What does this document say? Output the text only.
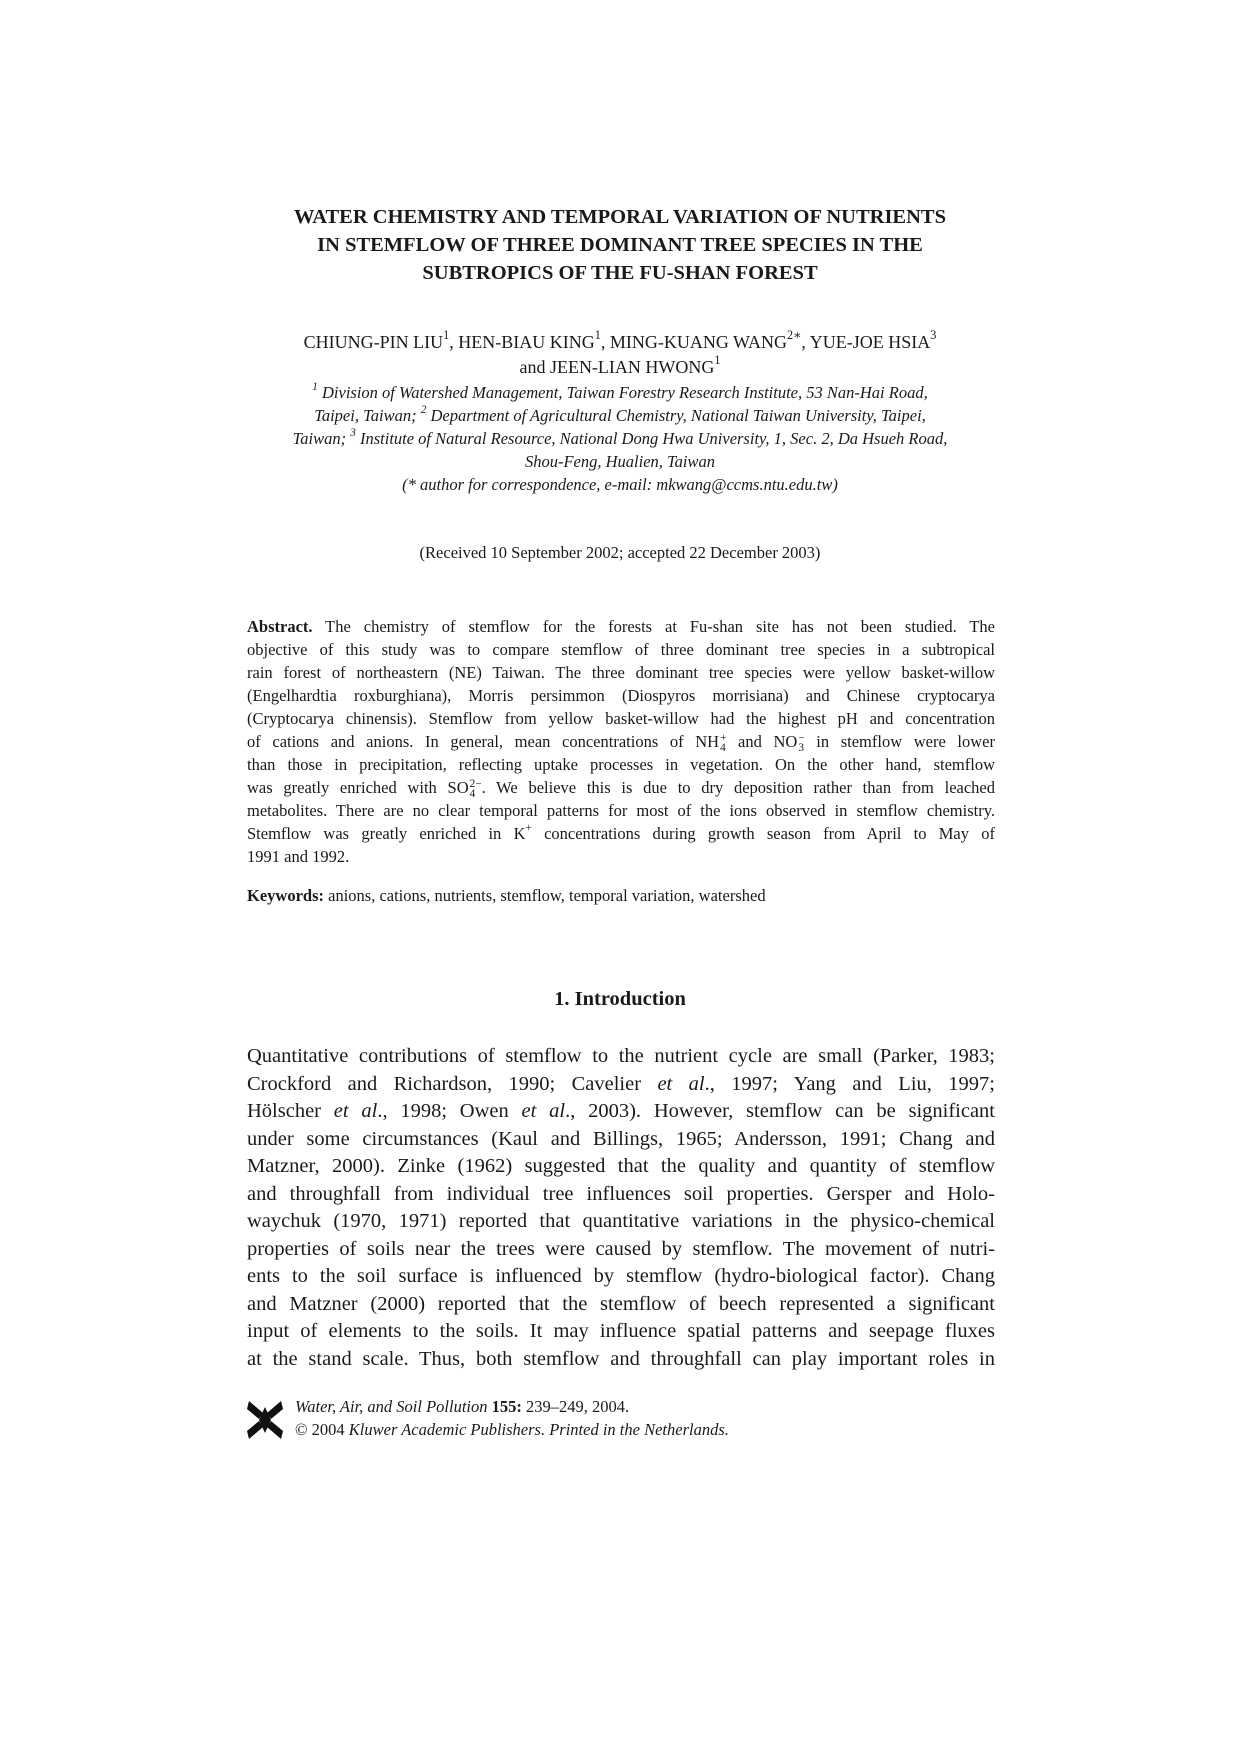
WATER CHEMISTRY AND TEMPORAL VARIATION OF NUTRIENTS
IN STEMFLOW OF THREE DOMINANT TREE SPECIES IN THE
SUBTROPICS OF THE FU-SHAN FOREST
CHIUNG-PIN LIU$^1$, HEN-BIAU KING$^1$, MING-KUANG $WANG^{2∗}$, YUE-JOE HSIA$^3$
and JEEN-LIAN HWONG$^1$
$^1$ Division of Watershed Management, Taiwan Forestry Research Institute, 53 Nan-Hai Road,
Taipei, Taiwan; $^2$ Department of Agricultural Chemistry, National Taiwan University, Taipei,
Taiwan; $^3$ Institute of Natural Resource, National Dong Hwa University, 1, Sec. 2, Da Hsueh Road,
Shou-Feng, Hualien, Taiwan
(* author for correspondence, e-mail: mkwang@ccms.ntu.edu.tw)
(Received 10 September 2002; accepted 22 December 2003)
Abstract. The chemistry of stemflow for the forests at Fu-shan site has not been studied. The
objective of this study was to compare stemflow of three dominant tree species in a subtropical
rain forest of northeastern (NE) Taiwan. The three dominant tree species were yellow basket-willow
(Engelhardtia roxburghiana), Morris persimmon (Diospyros morrisiana) and Chinese cryptocarya
(Cryptocarya chinensis). Stemflow from yellow basket-willow had the highest pH and concentration
of cations and anions. In general, mean concentrations of NH +
4 and NO −
3 in stemflow were lower
than those in precipitation, reflecting uptake processes in vegetation. On the other hand, stemflow
was greatly enriched with SO 2−
4 . We believe this is due to dry deposition rather than from leached
metabolites. There are no clear temporal patterns for most of the ions observed in stemflow chemistry.
Stemflow was greatly enriched in K+ concentrations during growth season from April to May of
1991 and 1992.
Keywords: anions, cations, nutrients, stemflow, temporal variation, watershed
1. Introduction
Quantitative contributions of stemflow to the nutrient cycle are small (Parker, 1983;
Crockford and Richardson, 1990; Cavelier et al., 1997; Yang and Liu, 1997;
Hölscher et al., 1998; Owen et al., 2003). However, stemflow can be significant
under some circumstances (Kaul and Billings, 1965; Andersson, 1991; Chang and
Matzner, 2000). Zinke (1962) suggested that the quality and quantity of stemflow
and throughfall from individual tree influences soil properties. Gersper and Holo-
waychuk (1970, 1971) reported that quantitative variations in the physico-chemical
properties of soils near the trees were caused by stemflow. The movement of nutri-
ents to the soil surface is influenced by stemflow (hydro-biological factor). Chang
and Matzner (2000) reported that the stemflow of beech represented a significant
input of elements to the soils. It may influence spatial patterns and seepage fluxes
at the stand scale. Thus, both stemflow and throughfall can play important roles in
Water, Air, and Soil Pollution 155: 239–249, 2004.
© 2004 Kluwer Academic Publishers. Printed in the Netherlands.
